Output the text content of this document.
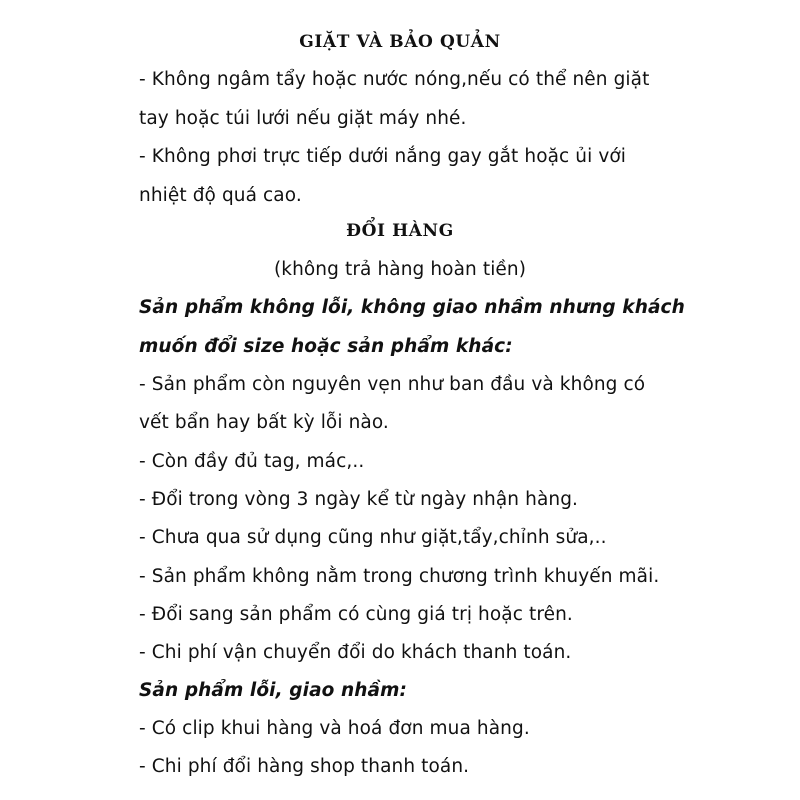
GIẶT VÀ BẢO QUẢN
- Không ngâm tẩy hoặc nước nóng,nếu có thể nên giặt
tay hoặc túi lưới nếu giặt máy nhé.
- Không phơi trực tiếp dưới nắng gay gắt hoặc ủi với
nhiệt độ quá cao.
ĐỔI HÀNG
(không trả hàng hoàn tiền)
Sản phẩm không lỗi, không giao nhầm nhưng khách
muốn đổi size hoặc sản phẩm khác:
- Sản phẩm còn nguyên vẹn như ban đầu và không có
vết bẩn hay bất kỳ lỗi nào.
- Còn đầy đủ tag, mác,..
- Đổi trong vòng 3 ngày kể từ ngày nhận hàng.
- Chưa qua sử dụng cũng như giặt,tẩy,chỉnh sửa,..
- Sản phẩm không nằm trong chương trình khuyến mãi.
- Đổi sang sản phẩm có cùng giá trị hoặc trên.
- Chi phí vận chuyển đổi do khách thanh toán.
Sản phẩm lỗi, giao nhầm:
- Có clip khui hàng và hoá đơn mua hàng.
- Chi phí đổi hàng shop thanh toán.
